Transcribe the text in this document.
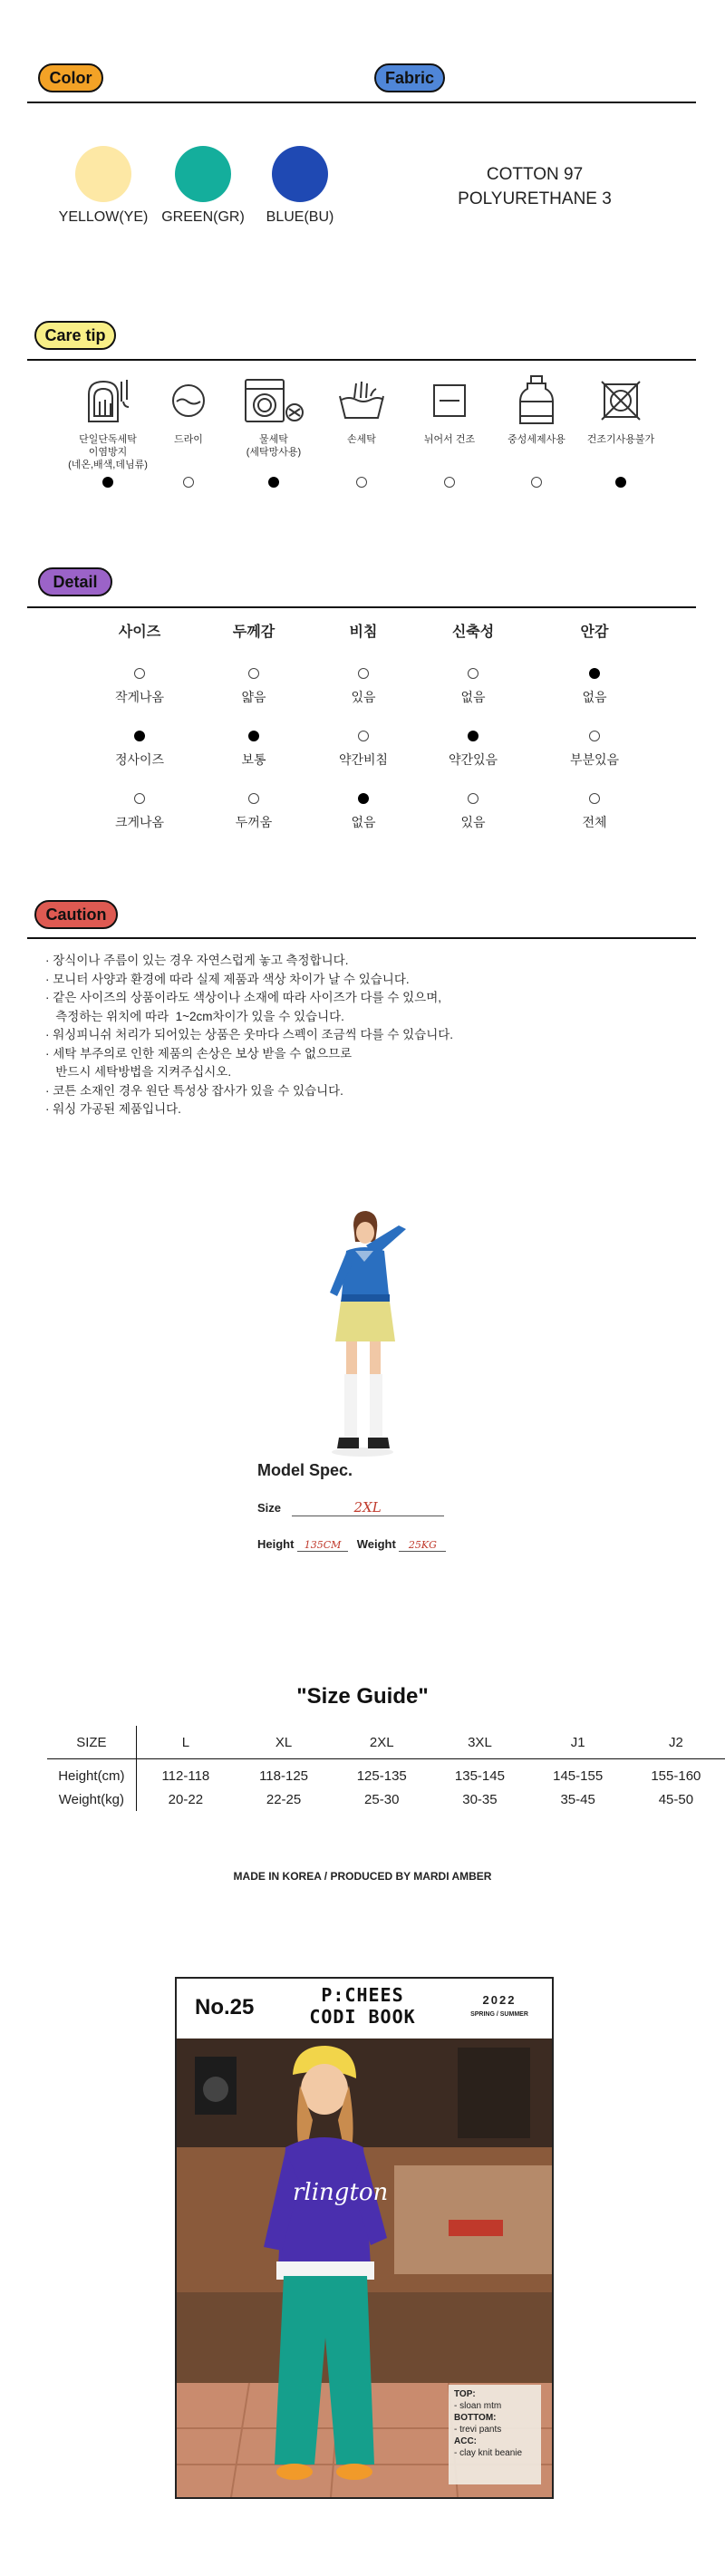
Color	Fabric
YELLOW(YE) GREEN(GR)	BLUE(BU)
COTTON 97
POLYURETHANE 3
Care tip
단일단독세탁
이염방지
(네온,배색,데님류)
드라이	물세탁
(세탁망사용)
손세탁	뉘어서 건조	중성세제사용	건조기사용불가
Detail
사이즈	두께감	비침	신축성	안감
작게나옴	얇음	있음	없음	없음
정사이즈	보통	약간비침	약간있음	부분있음
크게나옴	두꺼움	없음	있음	전체
Caution
· 장식이나 주름이 있는 경우 자연스럽게 놓고 측정합니다.
· 모니터 사양과 환경에 따라 실제 제품과 색상 차이가 날 수 있습니다.
· 같은 사이즈의 상품이라도 색상이나 소재에 따라 사이즈가 다를 수 있으며,
측정하는 위치에 따라  1~2cm차이가 있을 수 있습니다.
· 워싱피니쉬 처리가 되어있는 상품은 웃마다 스펙이 조금씩 다를 수 있습니다.
· 세탁 부주의로 인한 제품의 손상은 보상 받을 수 없으므로
반드시 세탁방법을 지켜주십시오.
· 코튼 소재인 경우 원단 특성상 잡사가 있을 수 있습니다.
· 워싱 가공된 제품입니다.
Model Spec.
Size	2XL
Height 135CM Weight 25KG
"Size Guide"
SIZE	L	XL	2XL	3XL	J1	J2
Height(cm)	112-118	118-125	125-135	135-145	145-155	155-160
Weight(kg)	20-22	22-25	25-30	30-35	35-45	45-50
MADE IN KOREA / PRODUCED BY MARDI AMBER
No.25	P:CHEES
CODI BOOK
2022
SPRING / SUMMER
rlington
TOP:
- sloan mtm
BOTTOM:
- trevi pants
ACC:
- clay knit beanie
